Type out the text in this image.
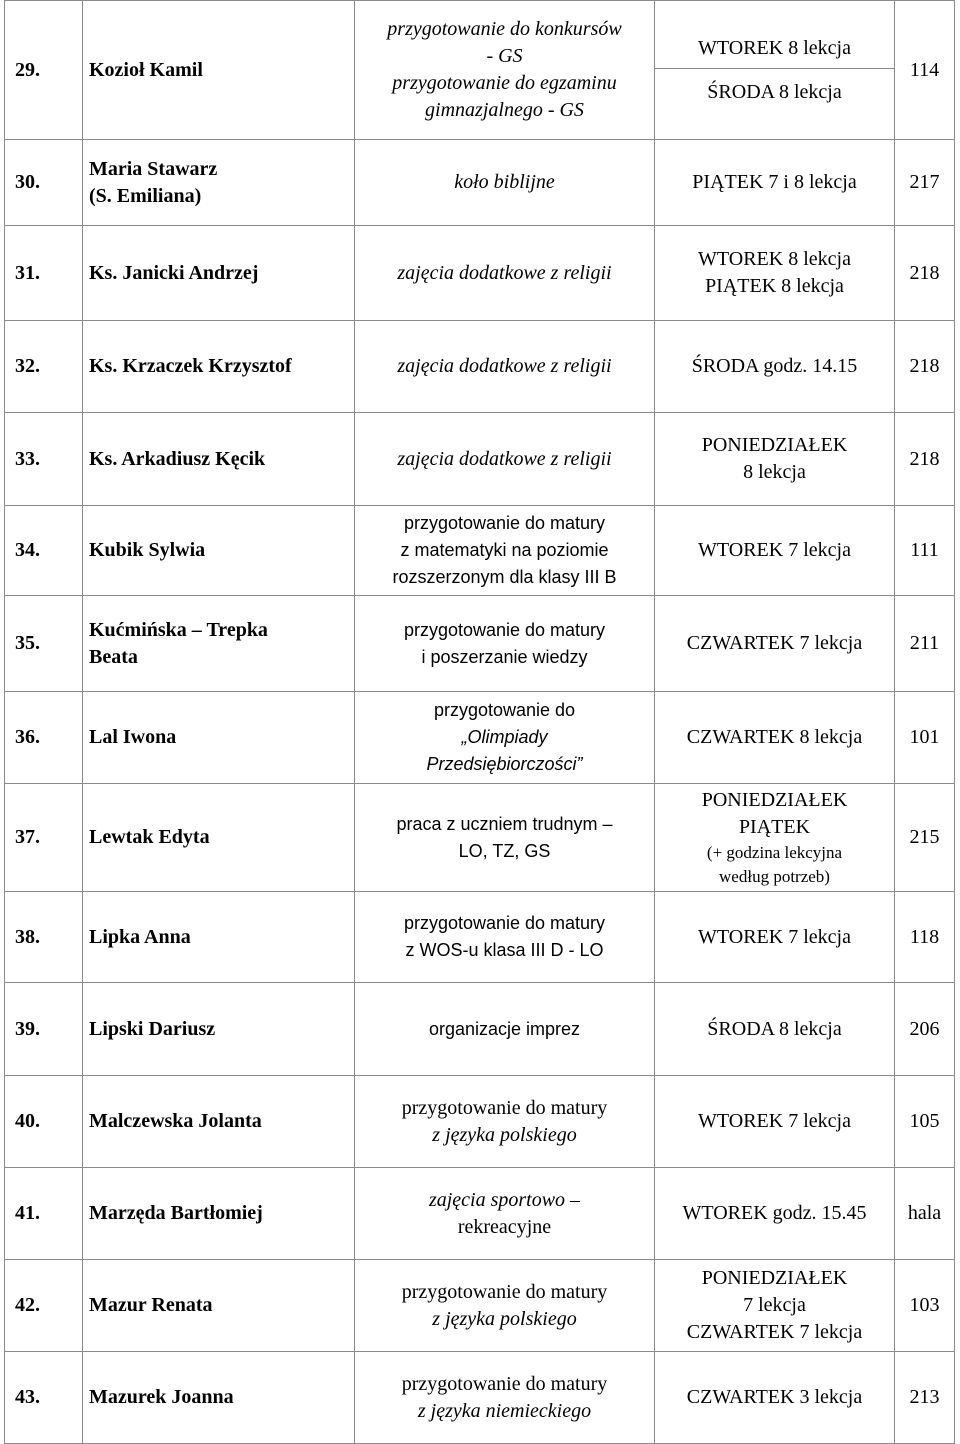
29.	Kozioł Kamil	przygotowanie do konkursów
- GS
przygotowanie do egzaminu
gimnazjalnego - GS	WTOREK 8 lekcja
ŚRODA 8 lekcja	114
30.	Maria Stawarz
(S. Emiliana)	koło biblijne	PIĄTEK 7 i 8 lekcja	217
31.	Ks. Janicki Andrzej	zajęcia dodatkowe z religii	WTOREK 8 lekcja
PIĄTEK 8 lekcja	218
32.	Ks. Krzaczek Krzysztof	zajęcia dodatkowe z religii	ŚRODA godz. 14.15	218
33.	Ks. Arkadiusz Kęcik	zajęcia dodatkowe z religii	PONIEDZIAŁEK
8 lekcja	218
34.	Kubik Sylwia	przygotowanie do matury
z matematyki na poziomie
rozszerzonym dla klasy III B	WTOREK 7 lekcja	111
35.	Kućmińska – Trepka
Beata	przygotowanie do matury
i poszerzanie wiedzy	CZWARTEK 7 lekcja	211
36.	Lal Iwona	przygotowanie do
„Olimpiady
Przedsiębiorczości”	CZWARTEK 8 lekcja	101
37.	Lewtak Edyta	praca z uczniem trudnym –
LO, TZ, GS	PONIEDZIAŁEK
PIĄTEK
(+ godzina lekcyjna
według potrzeb)	215
38.	Lipka Anna	przygotowanie do matury
z WOS-u klasa III D - LO	WTOREK 7 lekcja	118
39.	Lipski Dariusz	organizacje imprez	ŚRODA 8 lekcja	206
40.	Malczewska Jolanta	przygotowanie do matury
z języka polskiego	WTOREK 7 lekcja	105
41.	Marzęda Bartłomiej	zajęcia sportowo –
rekreacyjne	WTOREK godz. 15.45	hala
42.	Mazur Renata	przygotowanie do matury
z języka polskiego	PONIEDZIAŁEK
7 lekcja
CZWARTEK 7 lekcja	103
43.	Mazurek Joanna	przygotowanie do matury
z języka niemieckiego	CZWARTEK 3 lekcja	213
